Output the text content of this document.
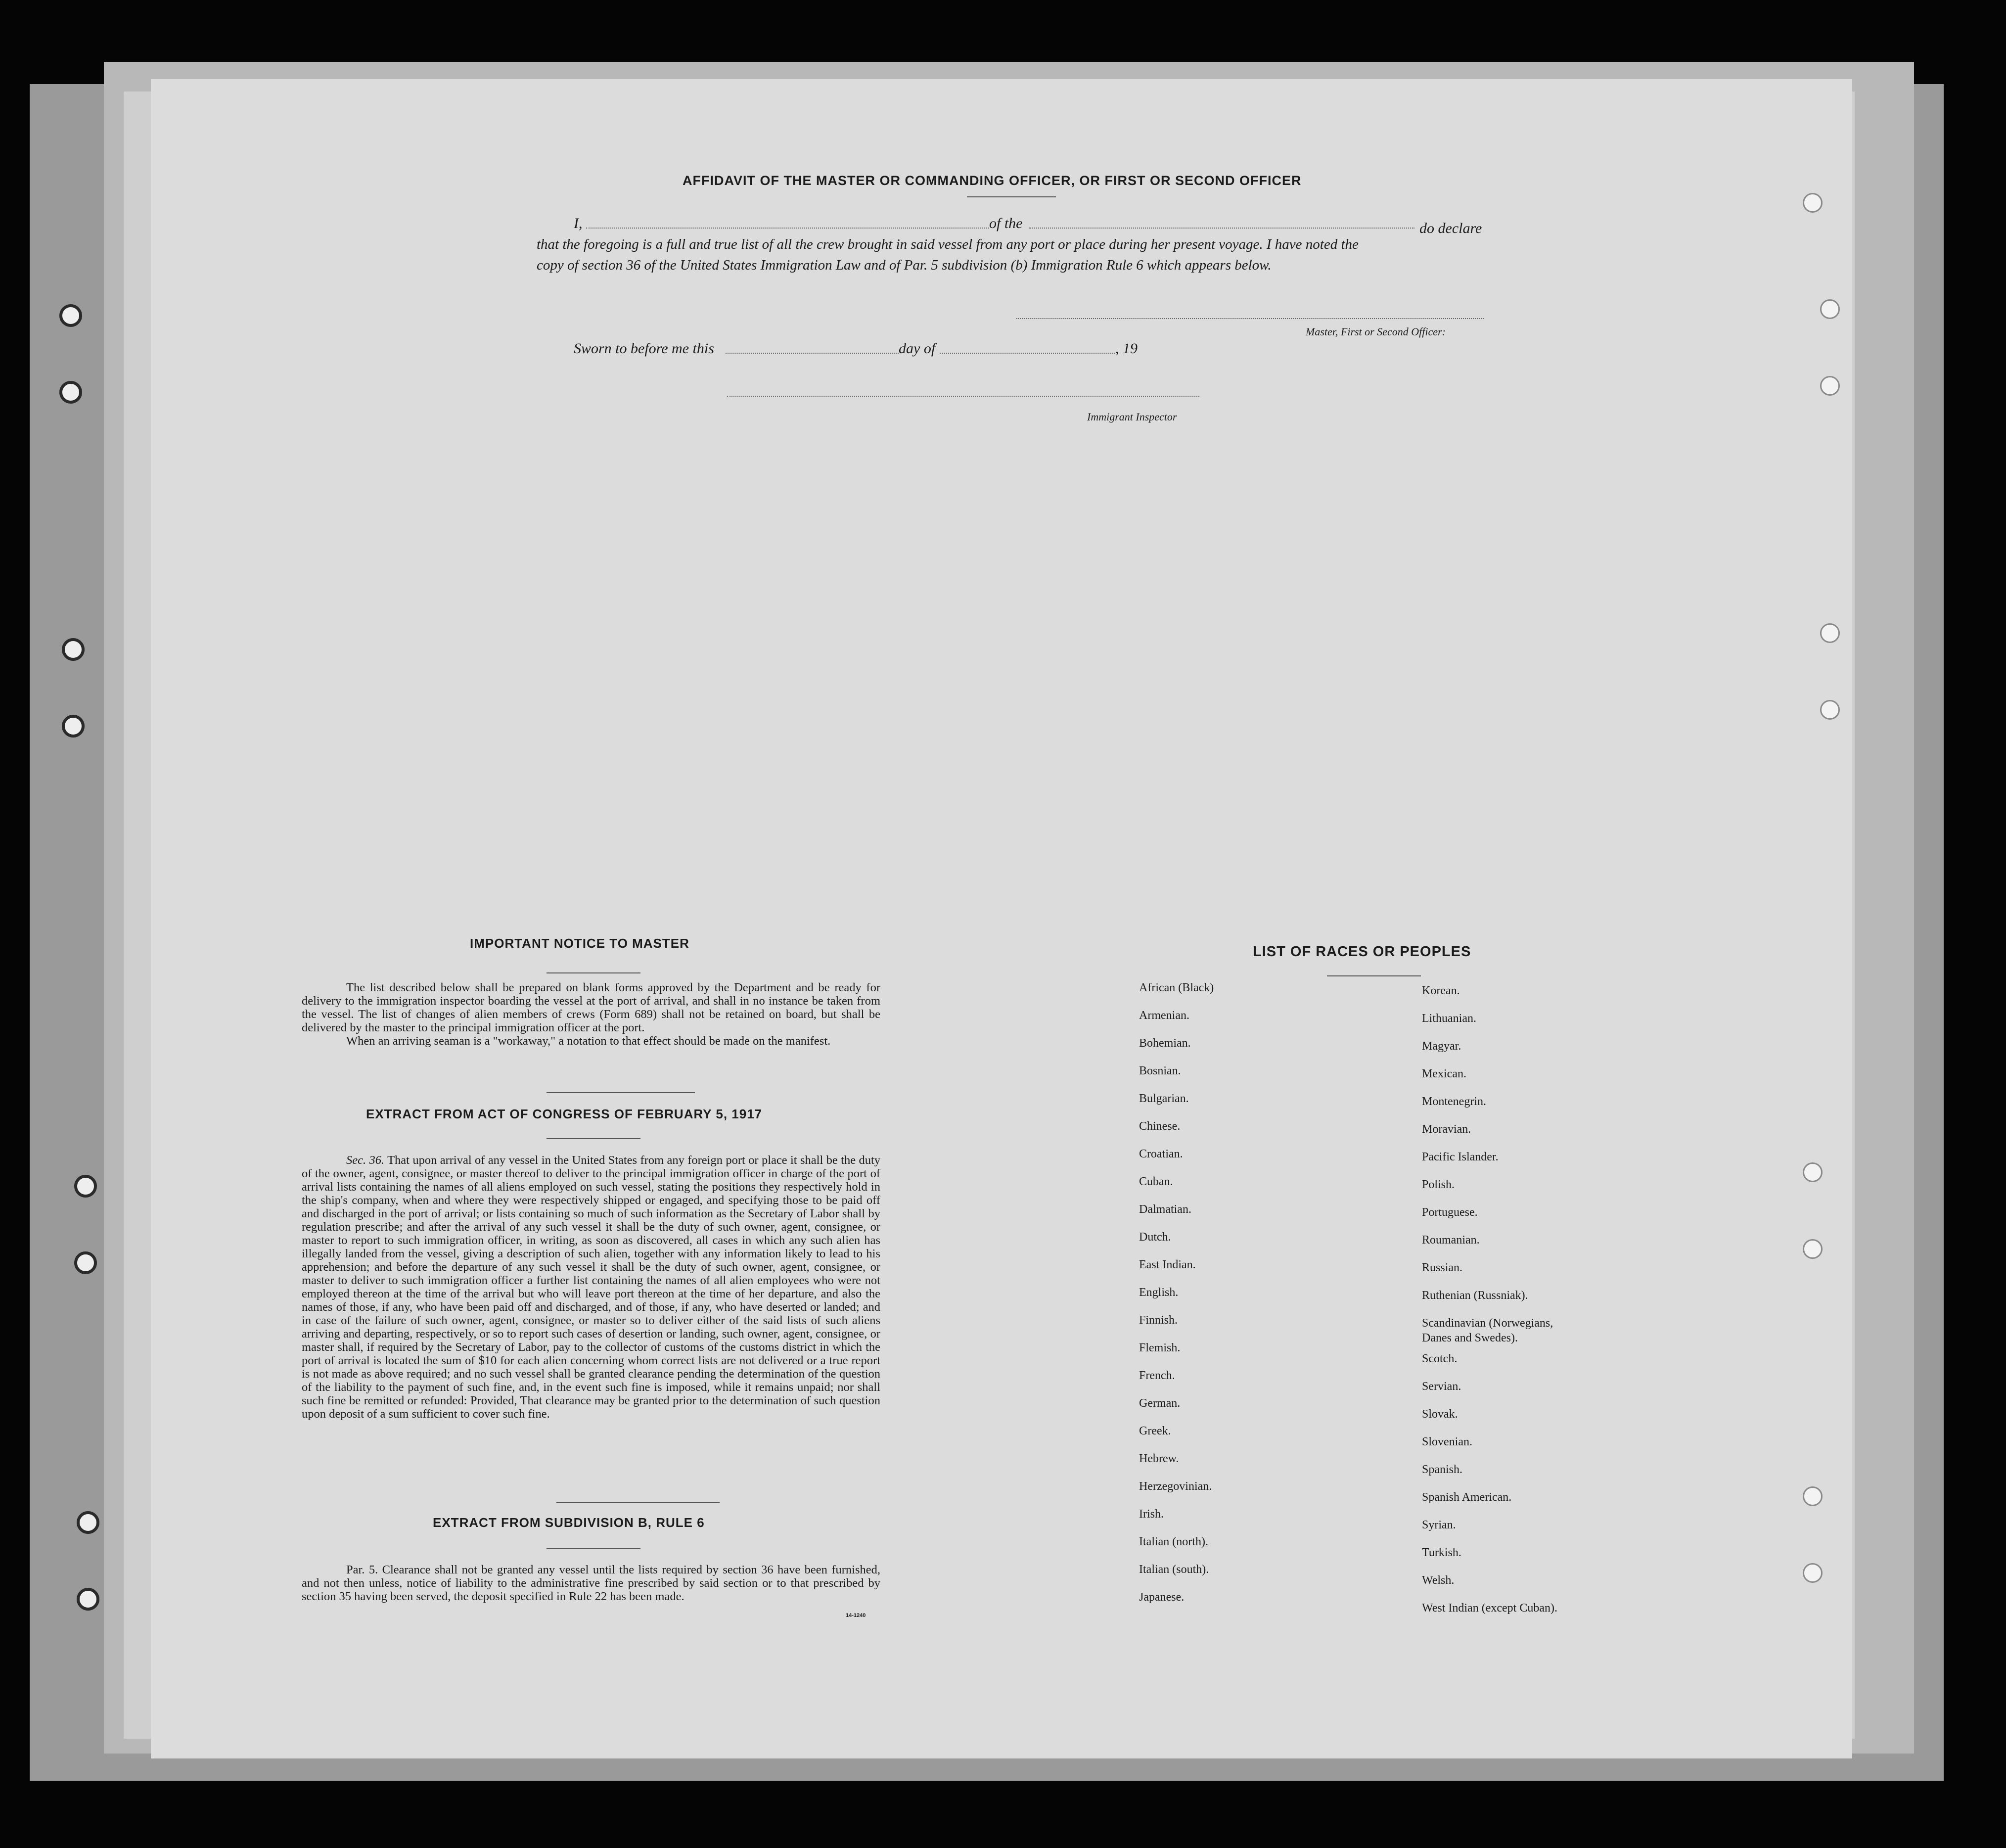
AFFIDAVIT OF THE MASTER OR COMMANDING OFFICER, OR FIRST OR SECOND OFFICER
I,	of the	do declare
that the foregoing is a full and true list of all the crew brought in said vessel from any port or place during her present voyage. I have noted the
copy of section 36 of the United States Immigration Law and of Par. 5 subdivision (b) Immigration Rule 6 which appears below.
Master, First or Second Officer:
Sworn to before me this	day of	, 19
Immigrant Inspector
IMPORTANT NOTICE TO MASTER

The list described below shall be prepared on blank forms approved by the Department and be ready for delivery to the immigration inspector boarding the vessel at the port of arrival, and shall in no instance be taken from the vessel. The list of changes of alien members of crews (Form 689) shall not be retained on board, but shall be delivered by the master to the principal immigration officer at the port.

When an arriving seaman is a "workaway," a notation to that effect should be made on the manifest.

EXTRACT FROM ACT OF CONGRESS OF FEBRUARY 5, 1917

Sec. 36. That upon arrival of any vessel in the United States from any foreign port or place it shall be the duty of the owner, agent, consignee, or master thereof to deliver to the principal immigration officer in charge of the port of arrival lists containing the names of all aliens employed on such vessel, stating the positions they respectively hold in the ship's company, when and where they were respectively shipped or engaged, and specifying those to be paid off and discharged in the port of arrival; or lists containing so much of such information as the Secretary of Labor shall by regulation prescribe; and after the arrival of any such vessel it shall be the duty of such owner, agent, consignee, or master to report to such immigration officer, in writing, as soon as discovered, all cases in which any such alien has illegally landed from the vessel, giving a description of such alien, together with any information likely to lead to his apprehension; and before the departure of any such vessel it shall be the duty of such owner, agent, consignee, or master to deliver to such immigration officer a further list containing the names of all alien employees who were not employed thereon at the time of the arrival but who will leave port thereon at the time of her departure, and also the names of those, if any, who have been paid off and discharged, and of those, if any, who have deserted or landed; and in case of the failure of such owner, agent, consignee, or master so to deliver either of the said lists of such aliens arriving and departing, respectively, or so to report such cases of desertion or landing, such owner, agent, consignee, or master shall, if required by the Secretary of Labor, pay to the collector of customs of the customs district in which the port of arrival is located the sum of $10 for each alien concerning whom correct lists are not delivered or a true report is not made as above required; and no such vessel shall be granted clearance pending the determination of the question of the liability to the payment of such fine, and, in the event such fine is imposed, while it remains unpaid; nor shall such fine be remitted or refunded: Provided, That clearance may be granted prior to the determination of such question upon deposit of a sum sufficient to cover such fine.

EXTRACT FROM SUBDIVISION B, RULE 6

Par. 5. Clearance shall not be granted any vessel until the lists required by section 36 have been furnished, and not then unless, notice of liability to the administrative fine prescribed by said section or to that prescribed by section 35 having been served, the deposit specified in Rule 22 has been made.

14-1240
LIST OF RACES OR PEOPLES
African (Black)
Armenian.
Bohemian.
Bosnian.
Bulgarian.
Chinese.
Croatian.
Cuban.
Dalmatian.
Dutch.
East Indian.
English.
Finnish.
Flemish.
French.
German.
Greek.
Hebrew.
Herzegovinian.
Irish.
Italian (north).
Italian (south).
Japanese.
Korean.
Lithuanian.
Magyar.
Mexican.
Montenegrin.
Moravian.
Pacific Islander.
Polish.
Portuguese.
Roumanian.
Russian.
Ruthenian (Russniak).
Scandinavian (Norwegians,
Danes and Swedes).
Scotch.
Servian.
Slovak.
Slovenian.
Spanish.
Spanish American.
Syrian.
Turkish.
Welsh.
West Indian (except Cuban).
